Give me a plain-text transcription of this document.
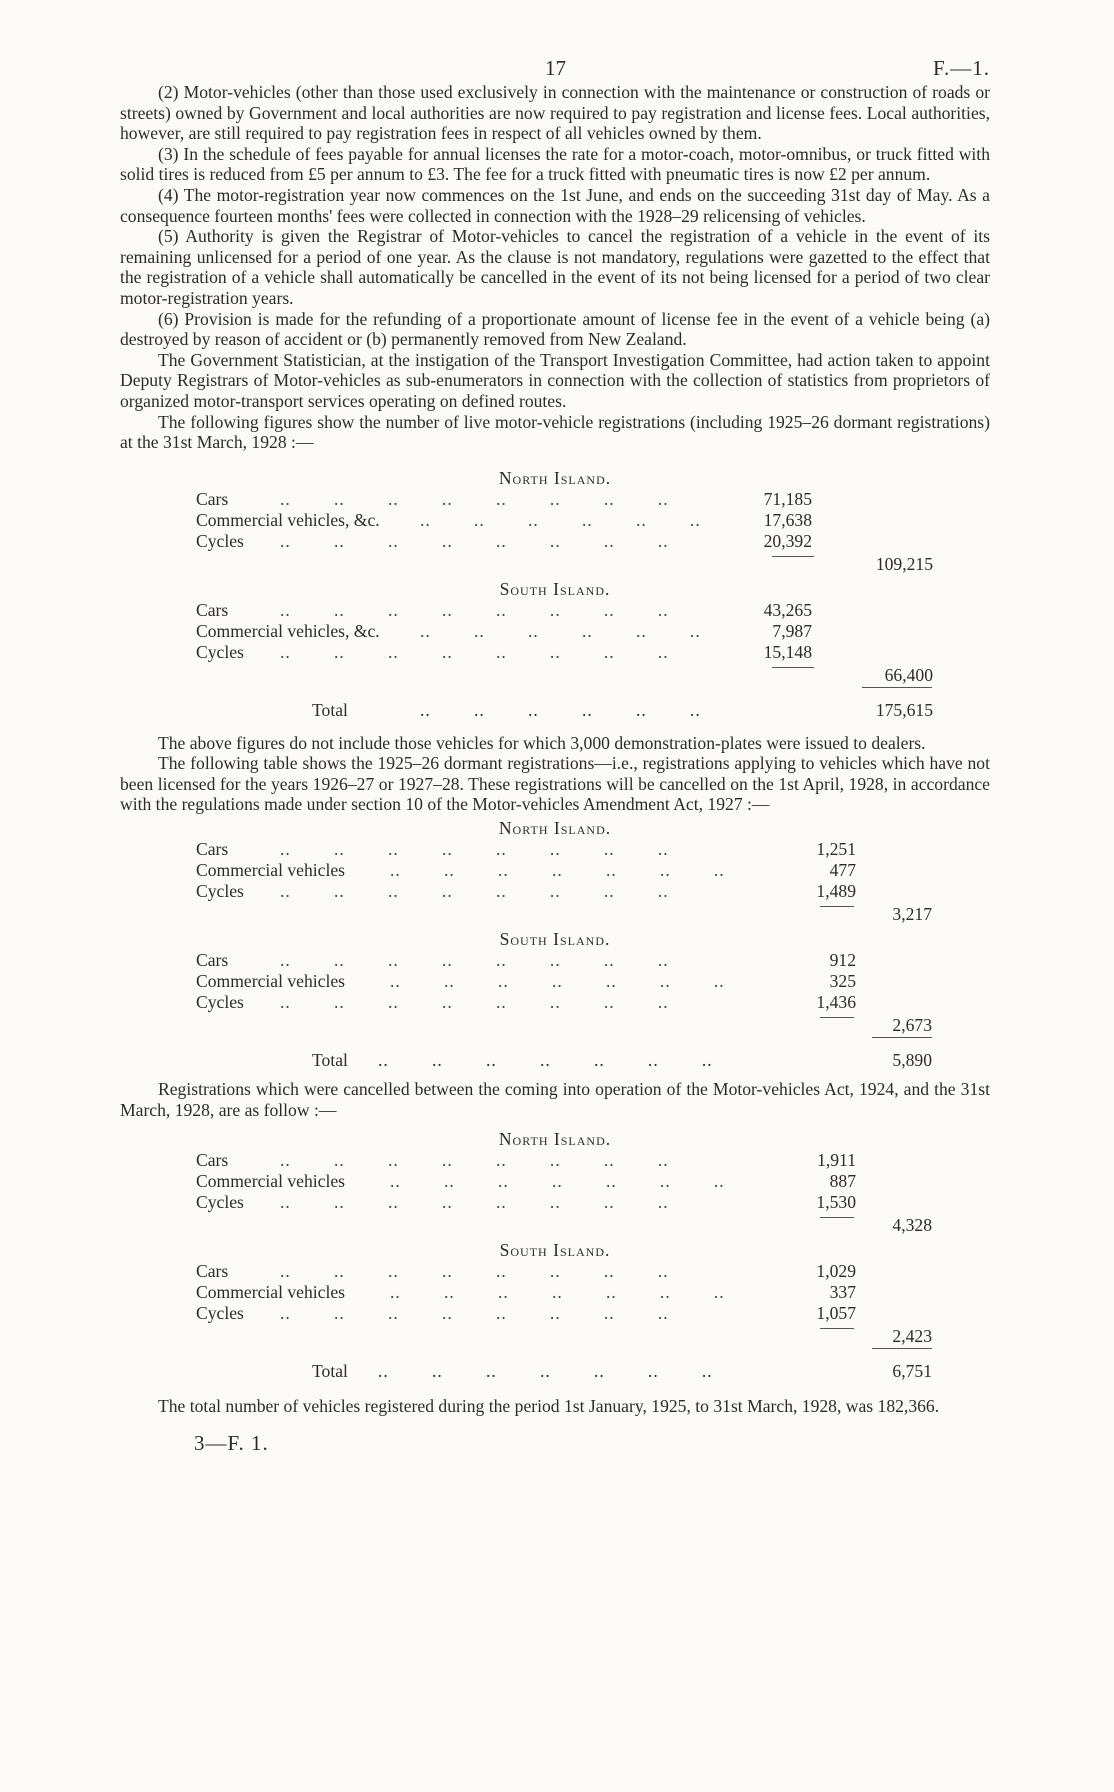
17	F.—1.

(2) Motor-vehicles (other than those used exclusively in connection with the maintenance or construction of roads or streets) owned by Government and local authorities are now required to pay registration and license fees. Local authorities, however, are still required to pay registration fees in respect of all vehicles owned by them.

(3) In the schedule of fees payable for annual licenses the rate for a motor-coach, motor-omnibus, or truck fitted with solid tires is reduced from £5 per annum to £3. The fee for a truck fitted with pneumatic tires is now £2 per annum.

(4) The motor-registration year now commences on the 1st June, and ends on the succeeding 31st day of May. As a consequence fourteen months' fees were collected in connection with the 1928–29 relicensing of vehicles.

(5) Authority is given the Registrar of Motor-vehicles to cancel the registration of a vehicle in the event of its remaining unlicensed for a period of one year. As the clause is not mandatory, regulations were gazetted to the effect that the registration of a vehicle shall automatically be cancelled in the event of its not being licensed for a period of two clear motor-registration years.

(6) Provision is made for the refunding of a proportionate amount of license fee in the event of a vehicle being (a) destroyed by reason of accident or (b) permanently removed from New Zealand.

The Government Statistician, at the instigation of the Transport Investigation Committee, had action taken to appoint Deputy Registrars of Motor-vehicles as sub-enumerators in connection with the collection of statistics from proprietors of organized motor-transport services operating on defined routes.

The following figures show the number of live motor-vehicle registrations (including 1925–26 dormant registrations) at the 31st March, 1928 :—

North Island.
Cars	..        ..        ..        ..        ..        ..        ..        ..	71,185
Commercial vehicles, &c. ..        ..        ..        ..        ..        ..	17,638
Cycles ..        ..        ..        ..        ..        ..        ..        ..	20,392
109,215
South Island.
Cars	..        ..        ..        ..        ..        ..        ..        ..	43,265
Commercial vehicles, &c. ..        ..        ..        ..        ..        ..	7,987
Cycles ..        ..        ..        ..        ..        ..        ..        ..	15,148
66,400
Total	..        ..        ..        ..        ..        ..	175,615

The above figures do not include those vehicles for which 3,000 demonstration-plates were issued to dealers.

The following table shows the 1925–26 dormant registrations—i.e., registrations applying to vehicles which have not been licensed for the years 1926–27 or 1927–28. These registrations will be cancelled on the 1st April, 1928, in accordance with the regulations made under section 10 of the Motor-vehicles Amendment Act, 1927 :—

North Island.
Cars	..        ..        ..        ..        ..        ..        ..        ..	1,251
Commercial vehicles	..        ..        ..        ..        ..        ..        ..	477
Cycles ..        ..        ..        ..        ..        ..        ..        ..	1,489
3,217
South Island.
Cars	..        ..        ..        ..        ..        ..        ..        ..	912
Commercial vehicles	..        ..        ..        ..        ..        ..        ..	325
Cycles ..        ..        ..        ..        ..        ..        ..        ..	1,436
2,673
Total ..        ..        ..        ..        ..        ..        ..	5,890

Registrations which were cancelled between the coming into operation of the Motor-vehicles Act, 1924, and the 31st March, 1928, are as follow :—

North Island.
Cars	..        ..        ..        ..        ..        ..        ..        ..	1,911
Commercial vehicles	..        ..        ..        ..        ..        ..        ..	887
Cycles ..        ..        ..        ..        ..        ..        ..        ..	1,530
4,328
South Island.
Cars	..        ..        ..        ..        ..        ..        ..        ..	1,029
Commercial vehicles	..        ..        ..        ..        ..        ..        ..	337
Cycles ..        ..        ..        ..        ..        ..        ..        ..	1,057
2,423
Total ..        ..        ..        ..        ..        ..        ..	6,751

The total number of vehicles registered during the period 1st January, 1925, to 31st March, 1928, was 182,366.

3—F. 1.
